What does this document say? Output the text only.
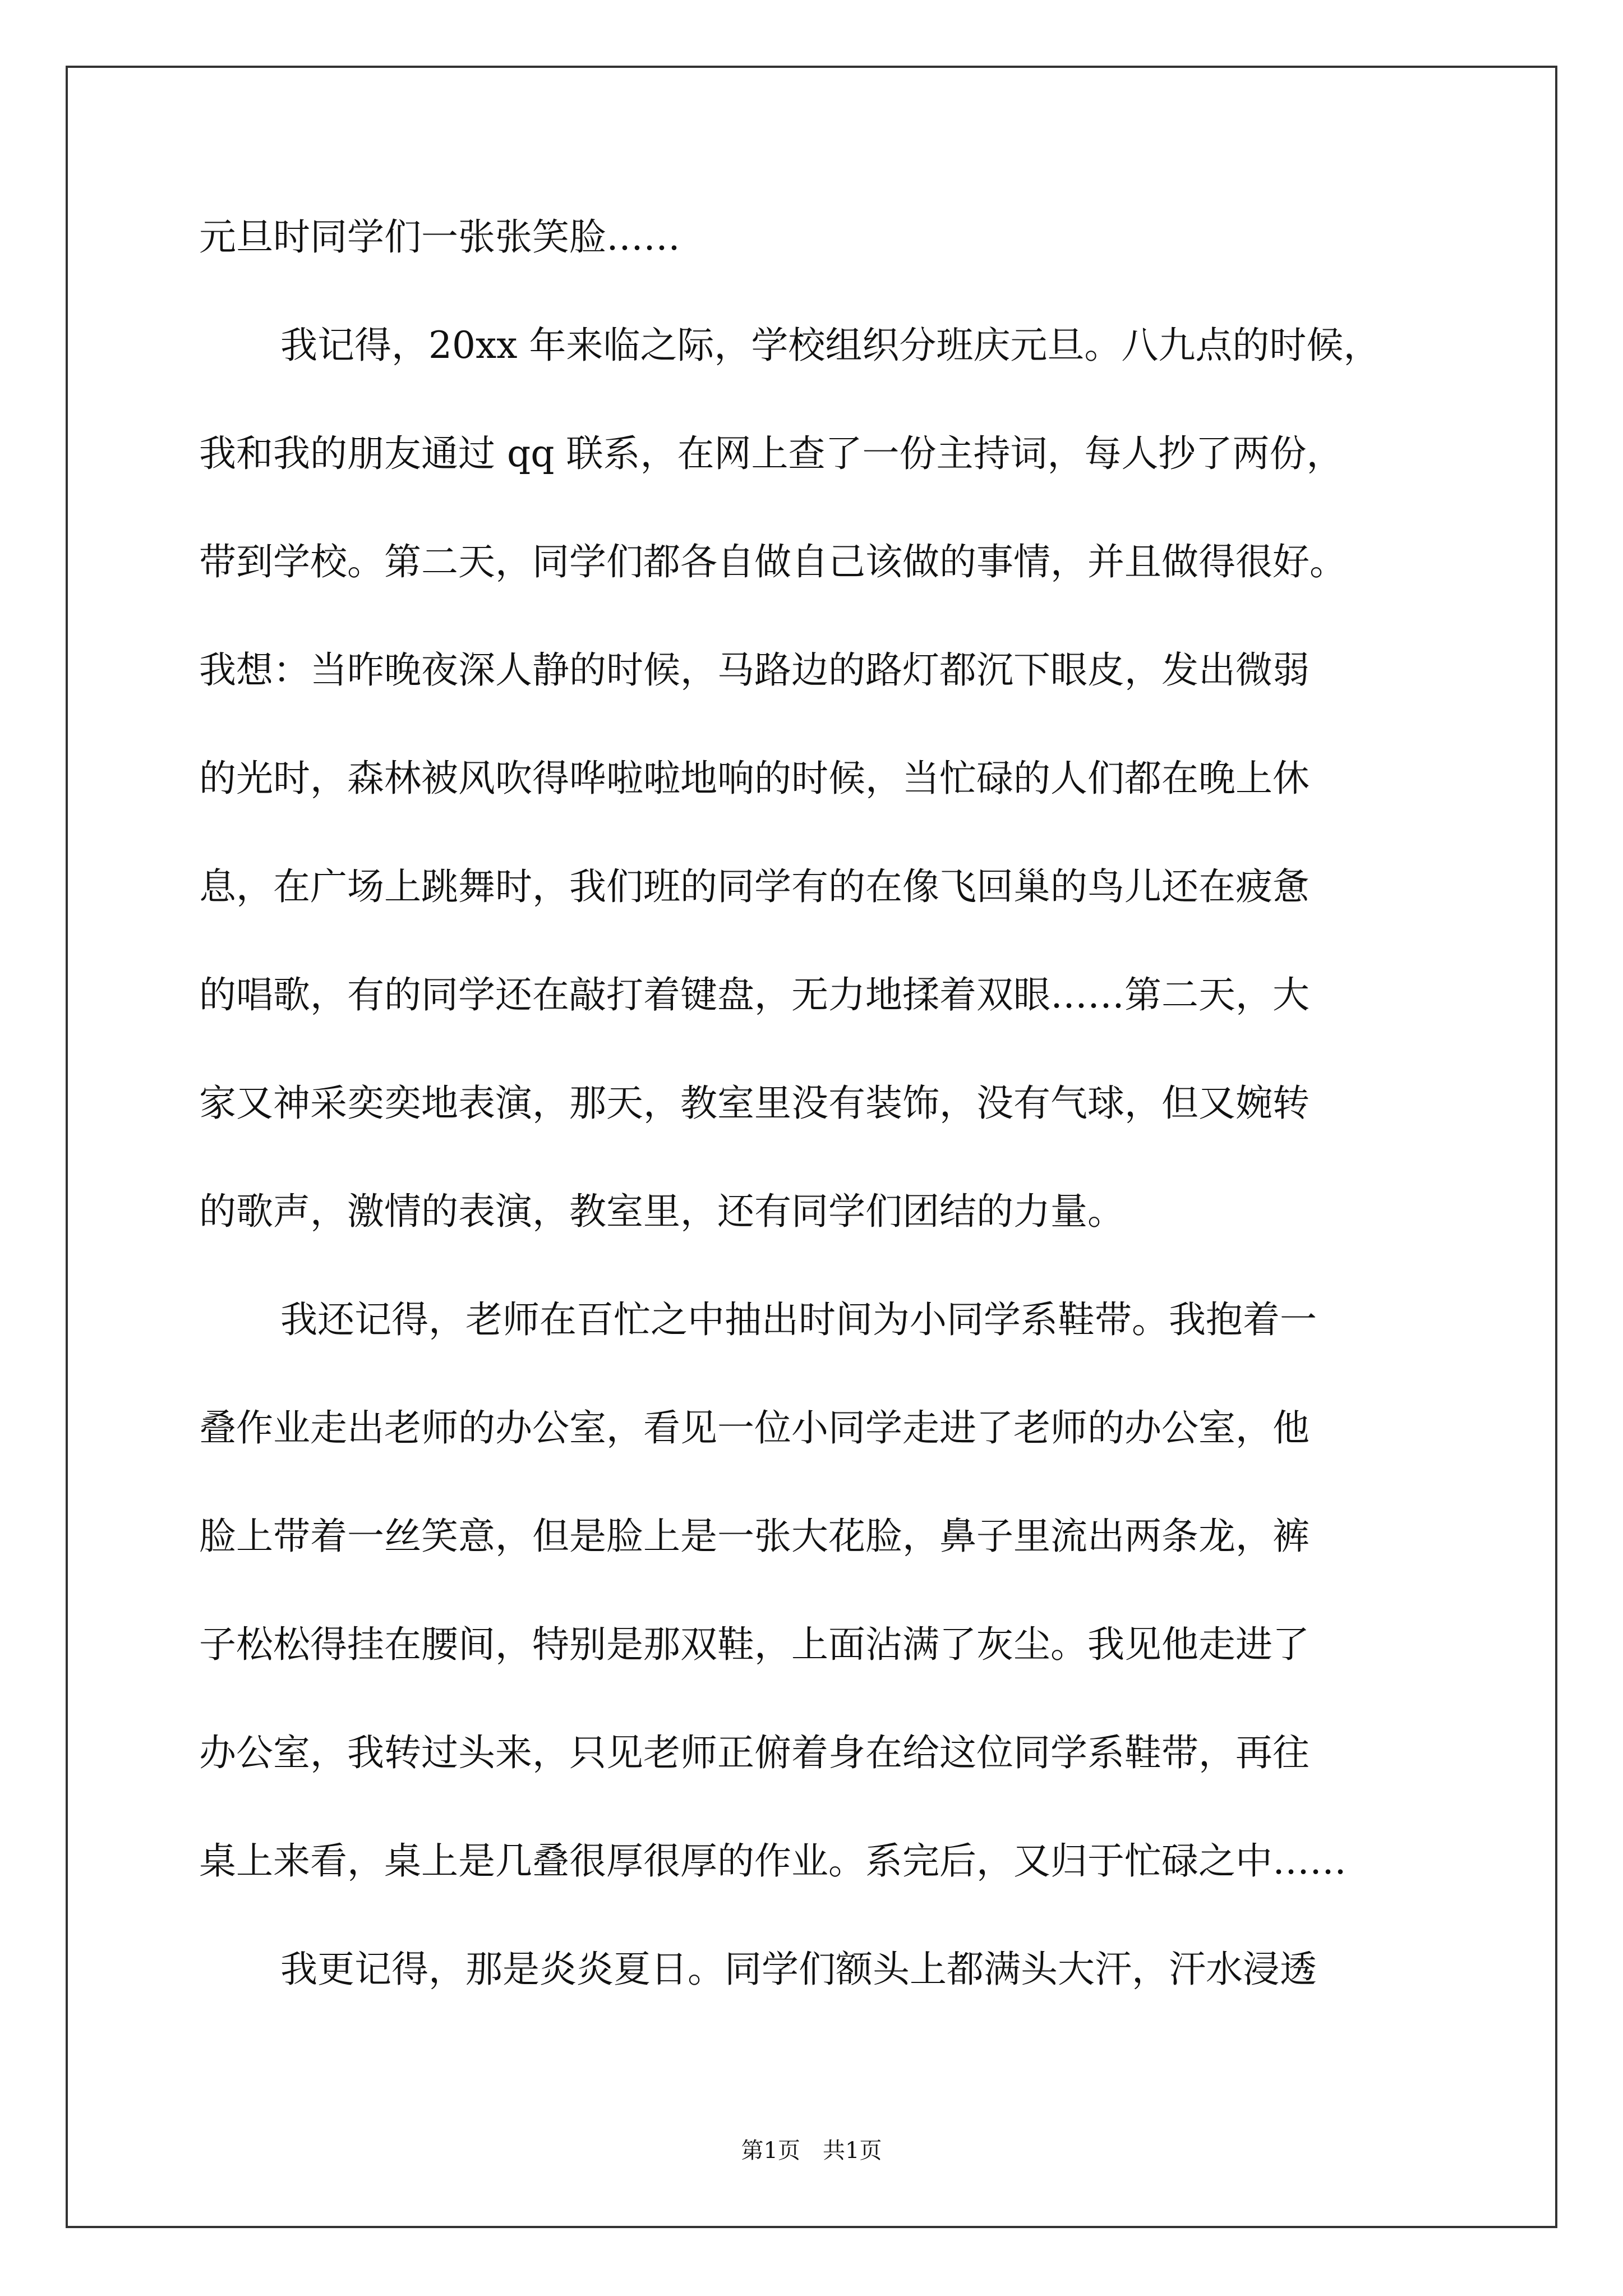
元旦时同学们一张张笑脸……
我记得，20xx 年来临之际，学校组织分班庆元旦。八九点的时候，
我和我的朋友通过 qq 联系，在网上查了一份主持词，每人抄了两份，
带到学校。第二天，同学们都各自做自己该做的事情，并且做得很好。
我想：当昨晚夜深人静的时候，马路边的路灯都沉下眼皮，发出微弱
的光时，森林被风吹得哗啦啦地响的时候，当忙碌的人们都在晚上休
息，在广场上跳舞时，我们班的同学有的在像飞回巢的鸟儿还在疲惫
的唱歌，有的同学还在敲打着键盘，无力地揉着双眼……第二天，大
家又神采奕奕地表演，那天，教室里没有装饰，没有气球，但又婉转
的歌声，激情的表演，教室里，还有同学们团结的力量。
我还记得，老师在百忙之中抽出时间为小同学系鞋带。我抱着一
叠作业走出老师的办公室，看见一位小同学走进了老师的办公室，他
脸上带着一丝笑意，但是脸上是一张大花脸，鼻子里流出两条龙，裤
子松松得挂在腰间，特别是那双鞋，上面沾满了灰尘。我见他走进了
办公室，我转过头来，只见老师正俯着身在给这位同学系鞋带，再往
桌上来看，桌上是几叠很厚很厚的作业。系完后，又归于忙碌之中……
我更记得，那是炎炎夏日。同学们额头上都满头大汗，汗水浸透
第1页　共1页
